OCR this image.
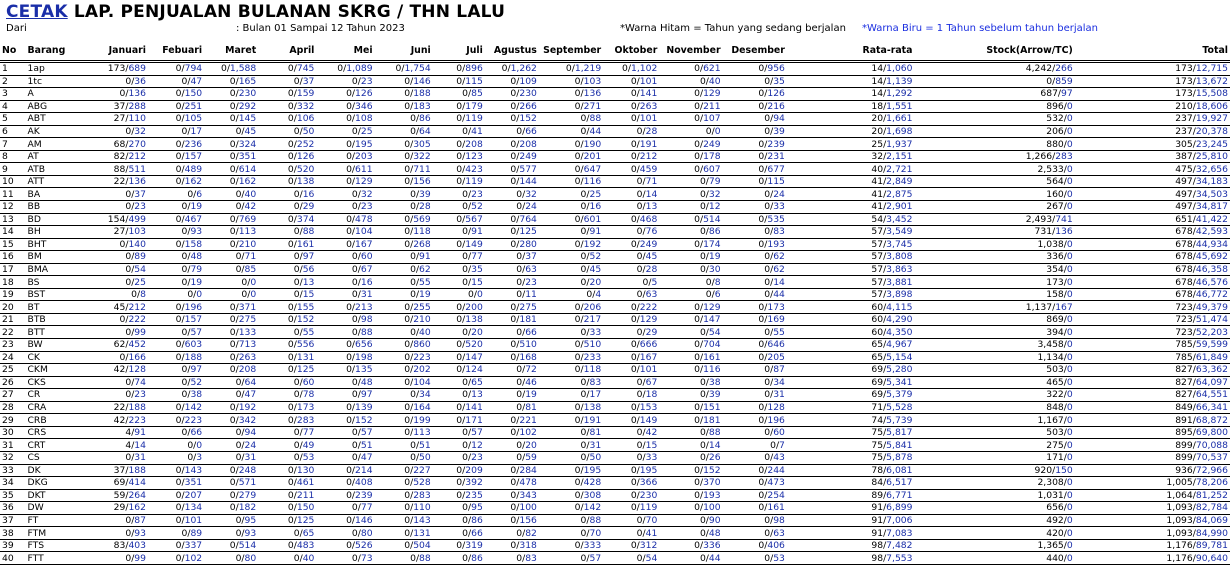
CETAK LAP. PENJUALAN BULANAN SKRG / THN LALU
Dari	: Bulan 01 Sampai 12 Tahun 2023	*Warna Hitam = Tahun yang sedang berjalan *Warna Biru = 1 Tahun sebelum tahun berjalan
No	Barang	Januari	Febuari	Maret	April	Mei	Juni	Juli	Agustus	September	Oktober	November	Desember	Rata-rata	Stock(Arrow/TC)	Total
1	1ap	173/689	0/794	0/1,588	0/745	0/1,089	0/1,754	0/896	0/1,262	0/1,219	0/1,102	0/621	0/956	14/1,060	4,242/266	173/12,715
2	1tc	0/36	0/47	0/165	0/37	0/23	0/146	0/115	0/109	0/103	0/101	0/40	0/35	14/1,139	0/859	173/13,672
3	A	0/136	0/150	0/230	0/159	0/126	0/188	0/85	0/230	0/136	0/141	0/129	0/126	14/1,292	687/97	173/15,508
4	ABG	37/288	0/251	0/292	0/332	0/346	0/183	0/179	0/266	0/271	0/263	0/211	0/216	18/1,551	896/0	210/18,606
5	ABT	27/110	0/105	0/145	0/106	0/108	0/86	0/119	0/152	0/88	0/101	0/107	0/94	20/1,661	532/0	237/19,927
6	AK	0/32	0/17	0/45	0/50	0/25	0/64	0/41	0/66	0/44	0/28	0/0	0/39	20/1,698	206/0	237/20,378
7	AM	68/270	0/236	0/324	0/252	0/195	0/305	0/208	0/208	0/190	0/191	0/249	0/239	25/1,937	880/0	305/23,245
8	AT	82/212	0/157	0/351	0/126	0/203	0/322	0/123	0/249	0/201	0/212	0/178	0/231	32/2,151	1,266/283	387/25,810
9	ATB	88/511	0/489	0/614	0/520	0/611	0/711	0/423	0/577	0/647	0/459	0/607	0/677	40/2,721	2,533/0	475/32,656
10	ATT	22/136	0/162	0/162	0/138	0/129	0/156	0/119	0/144	0/116	0/71	0/79	0/115	41/2,849	564/0	497/34,183
11	BA	0/37	0/6	0/40	0/16	0/32	0/39	0/23	0/32	0/25	0/14	0/32	0/24	41/2,875	160/0	497/34,503
12	BB	0/23	0/19	0/42	0/29	0/23	0/28	0/52	0/24	0/16	0/13	0/12	0/33	41/2,901	267/0	497/34,817
13	BD	154/499	0/467	0/769	0/374	0/478	0/569	0/567	0/764	0/601	0/468	0/514	0/535	54/3,452	2,493/741	651/41,422
14	BH	27/103	0/93	0/113	0/88	0/104	0/118	0/91	0/125	0/91	0/76	0/86	0/83	57/3,549	731/136	678/42,593
15	BHT	0/140	0/158	0/210	0/161	0/167	0/268	0/149	0/280	0/192	0/249	0/174	0/193	57/3,745	1,038/0	678/44,934
16	BM	0/89	0/48	0/71	0/97	0/60	0/91	0/77	0/37	0/52	0/45	0/19	0/62	57/3,808	336/0	678/45,692
17	BMA	0/54	0/79	0/85	0/56	0/67	0/62	0/35	0/63	0/45	0/28	0/30	0/62	57/3,863	354/0	678/46,358
18	BS	0/25	0/19	0/0	0/13	0/16	0/55	0/15	0/23	0/20	0/5	0/8	0/14	57/3,881	173/0	678/46,576
19	BST	0/8	0/0	0/0	0/15	0/31	0/19	0/0	0/11	0/4	0/63	0/6	0/44	57/3,898	158/0	678/46,772
20	BT	45/212	0/196	0/371	0/155	0/213	0/255	0/200	0/275	0/206	0/222	0/129	0/173	60/4,115	1,137/167	723/49,379
21	BTB	0/222	0/157	0/275	0/152	0/98	0/210	0/138	0/181	0/217	0/129	0/147	0/169	60/4,290	869/0	723/51,474
22	BTT	0/99	0/57	0/133	0/55	0/88	0/40	0/20	0/66	0/33	0/29	0/54	0/55	60/4,350	394/0	723/52,203
23	BW	62/452	0/603	0/713	0/556	0/656	0/860	0/520	0/510	0/510	0/666	0/704	0/646	65/4,967	3,458/0	785/59,599
24	CK	0/166	0/188	0/263	0/131	0/198	0/223	0/147	0/168	0/233	0/167	0/161	0/205	65/5,154	1,134/0	785/61,849
25	CKM	42/128	0/97	0/208	0/125	0/135	0/202	0/124	0/72	0/118	0/101	0/116	0/87	69/5,280	503/0	827/63,362
26	CKS	0/74	0/52	0/64	0/60	0/48	0/104	0/65	0/46	0/83	0/67	0/38	0/34	69/5,341	465/0	827/64,097
27	CR	0/23	0/38	0/47	0/78	0/97	0/34	0/13	0/19	0/17	0/18	0/39	0/31	69/5,379	322/0	827/64,551
28	CRA	22/188	0/142	0/192	0/173	0/139	0/164	0/141	0/81	0/138	0/153	0/151	0/128	71/5,528	848/0	849/66,341
29	CRB	42/223	0/223	0/342	0/283	0/152	0/199	0/171	0/221	0/191	0/149	0/181	0/196	74/5,739	1,167/0	891/68,872
30	CRS	4/91	0/66	0/94	0/77	0/57	0/113	0/57	0/102	0/81	0/42	0/88	0/60	75/5,817	503/0	895/69,800
31	CRT	4/14	0/0	0/24	0/49	0/51	0/51	0/12	0/20	0/31	0/15	0/14	0/7	75/5,841	275/0	899/70,088
32	CS	0/31	0/3	0/31	0/53	0/47	0/50	0/23	0/59	0/50	0/33	0/26	0/43	75/5,878	171/0	899/70,537
33	DK	37/188	0/143	0/248	0/130	0/214	0/227	0/209	0/284	0/195	0/195	0/152	0/244	78/6,081	920/150	936/72,966
34	DKG	69/414	0/351	0/571	0/461	0/408	0/528	0/392	0/478	0/428	0/366	0/370	0/473	84/6,517	2,308/0	1,005/78,206
35	DKT	59/264	0/207	0/279	0/211	0/239	0/283	0/235	0/343	0/308	0/230	0/193	0/254	89/6,771	1,031/0	1,064/81,252
36	DW	29/162	0/134	0/182	0/150	0/77	0/110	0/95	0/100	0/142	0/119	0/100	0/161	91/6,899	656/0	1,093/82,784
37	FT	0/87	0/101	0/95	0/125	0/146	0/143	0/86	0/156	0/88	0/70	0/90	0/98	91/7,006	492/0	1,093/84,069
38	FTM	0/93	0/89	0/93	0/65	0/80	0/131	0/66	0/82	0/70	0/41	0/48	0/63	91/7,083	420/0	1,093/84,990
39	FTS	83/403	0/337	0/514	0/483	0/526	0/504	0/319	0/318	0/333	0/312	0/336	0/406	98/7,482	1,365/0	1,176/89,781
40	FTT	0/99	0/102	0/80	0/40	0/73	0/88	0/86	0/83	0/57	0/54	0/44	0/53	98/7,553	440/0	1,176/90,640
